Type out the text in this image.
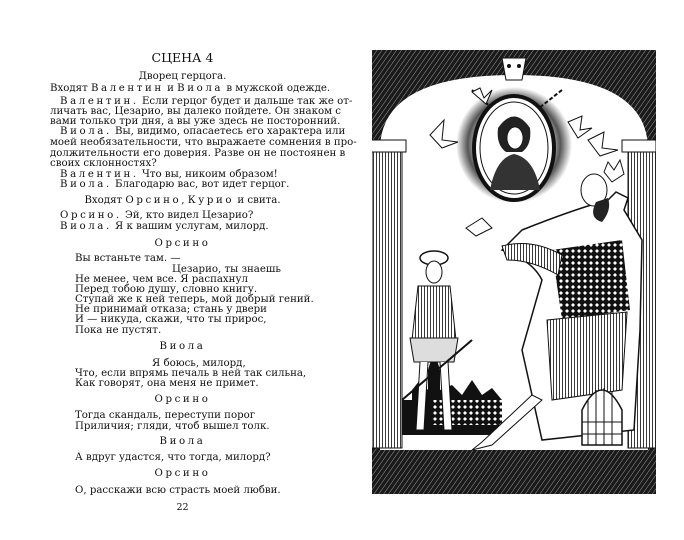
СЦЕНА 4
Дворец герцога.
Входят Валентин и Виола в мужской одежде.
Валентин. Если герцог будет и дальше так же от-
личать вас, Цезарио, вы далеко пойдете. Он знаком с
вами только три дня, а вы уже здесь не посторонний.
Виола. Вы, видимо, опасаетесь его характера или
моей необязательности, что выражаете сомнения в про-
должительности его доверия. Разве он не постоянен в
своих склонностях?
Валентин. Что вы, никоим образом!
Виола. Благодарю вас, вот идет герцог.
Входят Орсино, Курио и свита.
Орсино. Эй, кто видел Цезарио?
Виола. Я к вашим услугам, милорд.
Орсино
Вы встаньте там. —
Цезарио, ты знаешь
Не менее, чем все. Я распахнул
Перед тобою душу, словно книгу.
Ступай же к ней теперь, мой добрый гений.
Не принимай отказа; стань у двери
И — никуда, скажи, что ты прирос,
Пока не пустят.
Виола
Я боюсь, милорд,
Что, если впрямь печаль в ней так сильна,
Как говорят, она меня не примет.
Орсино
Тогда скандаль, переступи порог
Приличия; гляди, чтоб вышел толк.
Виола
А вдруг удастся, что тогда, милорд?
Орсино
О, расскажи всю страсть моей любви.
22
